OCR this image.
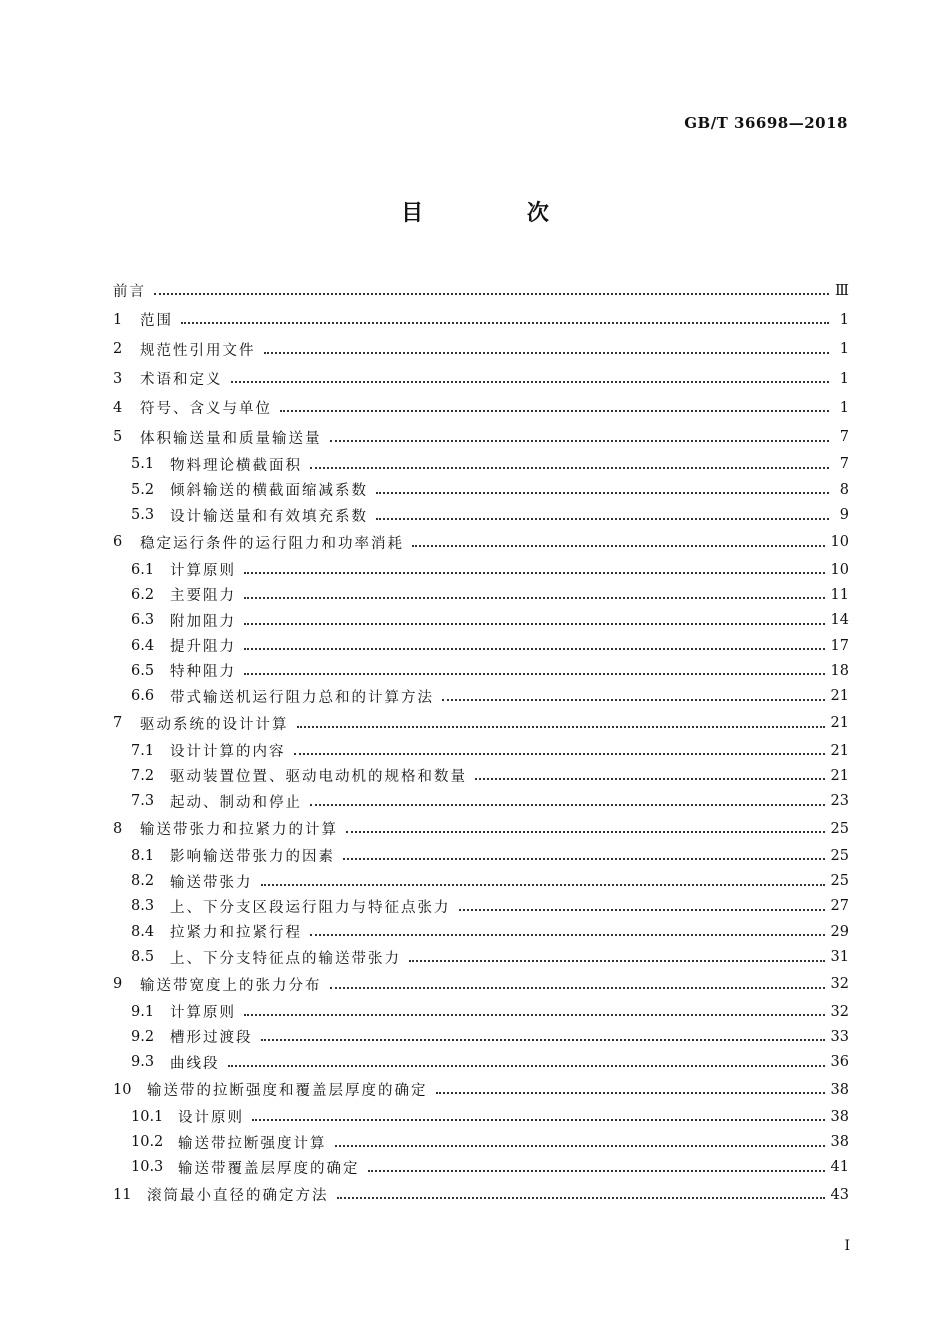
GB/T 36698—2018
目 次
前言	Ⅲ
1	范围	1
2	规范性引用文件	1
3	术语和定义	1
4	符号、含义与单位	1
5	体积输送量和质量输送量	7
5.1	物料理论横截面积	7
5.2	倾斜输送的横截面缩减系数	8
5.3	设计输送量和有效填充系数	9
6	稳定运行条件的运行阻力和功率消耗	10
6.1	计算原则	10
6.2	主要阻力	11
6.3	附加阻力	14
6.4	提升阻力	17
6.5	特种阻力	18
6.6	带式输送机运行阻力总和的计算方法	21
7	驱动系统的设计计算	21
7.1	设计计算的内容	21
7.2	驱动装置位置、驱动电动机的规格和数量	21
7.3	起动、制动和停止	23
8	输送带张力和拉紧力的计算	25
8.1	影响输送带张力的因素	25
8.2	输送带张力	25
8.3	上、下分支区段运行阻力与特征点张力	27
8.4	拉紧力和拉紧行程	29
8.5	上、下分支特征点的输送带张力	31
9	输送带宽度上的张力分布	32
9.1	计算原则	32
9.2	槽形过渡段	33
9.3	曲线段	36
10	输送带的拉断强度和覆盖层厚度的确定	38
10.1	设计原则	38
10.2	输送带拉断强度计算	38
10.3	输送带覆盖层厚度的确定	41
11	滚筒最小直径的确定方法	43
I
